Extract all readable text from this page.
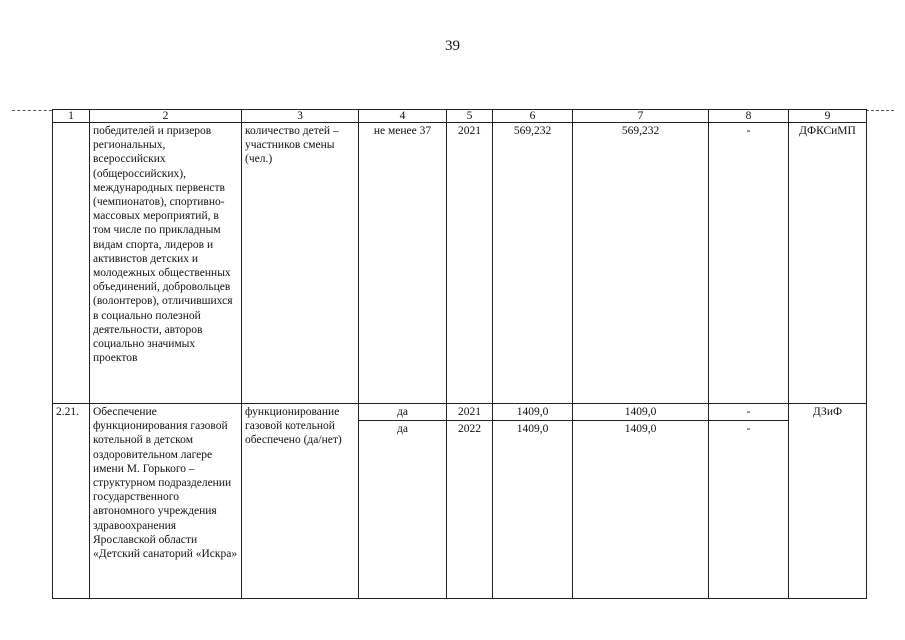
39
1	2	3	4	5	6	7	8	9
	победителей и призеров региональных, всероссийских (общероссийских), международных первенств (чемпионатов), спортивно-массовых мероприятий, в том числе по прикладным видам спорта, лидеров и активистов детских и молодежных общественных объединений, добровольцев (волонтеров), отличившихся в социально полезной деятельности, авторов социально значимых проектов	количество детей – участников смены (чел.)	не менее 37	2021	569,232	569,232	-	ДФКСиМП
2.21.	Обеспечение функционирования газовой котельной в детском оздоровительном лагере имени М. Горького – структурном подразделении государственного автономного учреждения здравоохранения Ярославской области «Детский санаторий «Искра»	функционирование газовой котельной обеспечено (да/нет)	да	2021	1409,0	1409,0	-	ДЗиФ
			да	2022	1409,0	1409,0	-	
